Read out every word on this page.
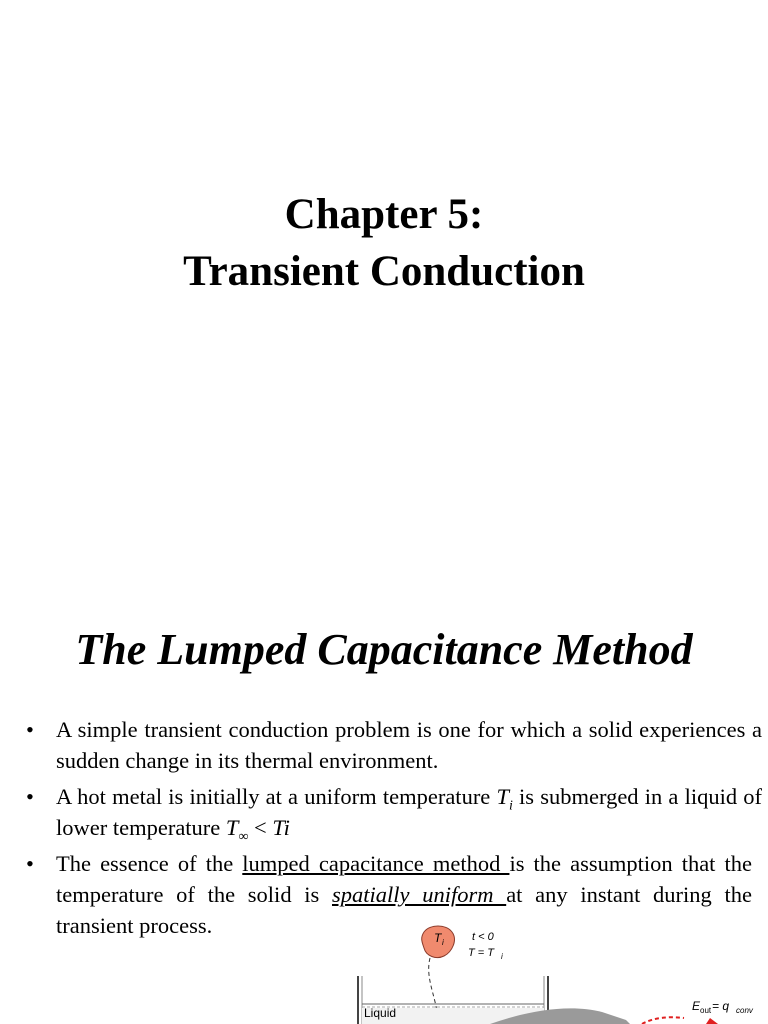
Chapter 5:
Transient Conduction
The Lumped Capacitance Method
• A simple transient conduction problem is one for which a solid experiences a sudden change in its thermal environment.
• A hot metal is initially at a uniform temperature $T_i$ is submerged in a liquid of lower temperature $T_\infty < Ti$
• The essence of the lumped capacitance method is the assumption that the temperature of the solid is spatially uniform at any instant during the transient process.	T i	t < 0
T = T i
Liquid	E out = q conv
